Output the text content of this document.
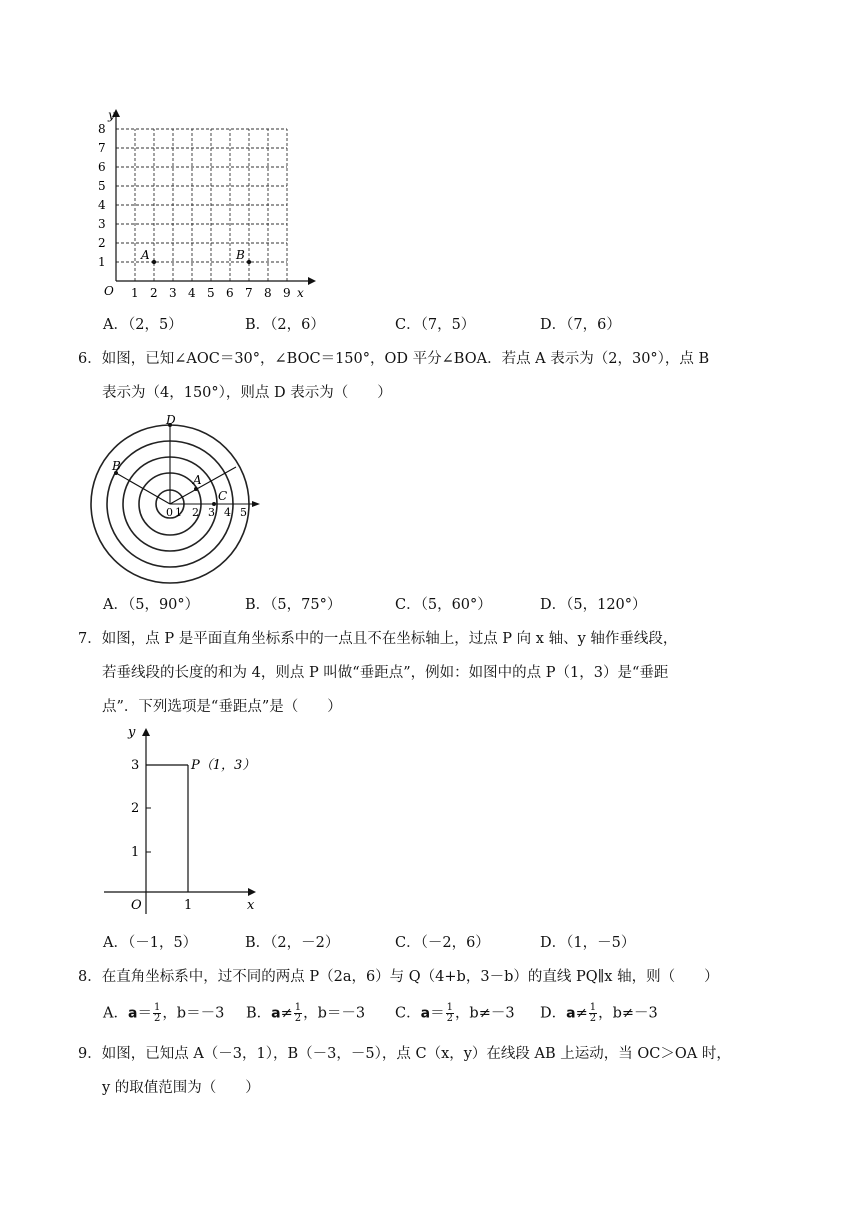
y
x
O 1 2 3 4 5 6 7 8 9
1
2
3
4
5
6
7
8
A	B
A．（2，5）	B．（2，6）	C．（7，5）	D．（7，6）
6．如图，已知∠AOC＝30°，∠BOC＝150°，OD 平分∠BOA．若点 A 表示为（2，30°），点 B
表示为（4，150°），则点 D 表示为（　　）
D
B
A
C
0 1 2 3 4 5
A．（5，90°）	B．（5，75°）	C．（5，60°）	D．（5，120°）
7．如图，点 P 是平面直角坐标系中的一点且不在坐标轴上，过点 P 向 x 轴、y 轴作垂线段，
若垂线段的长度的和为 4，则点 P 叫做“垂距点”，例如：如图中的点 P（1，3）是“垂距
点”．下列选项是“垂距点”是（　　）
y
x
O
1
2
3
1
P（1，3）
A．（－1，5）	B．（2，－2）	C．（－2，6）	D．（1，－5）
8．在直角坐标系中，过不同的两点 P（2a，6）与 Q（4+b，3－b）的直线 PQ∥x 轴，则（　　）
A．$a= \frac{1}{2}$ ，b＝－3 B．$a\ne \frac{1}{2}$ ，b＝－3 C．$a= \frac{1}{2}$ ，b≠－3 D．$a\ne \frac{1}{2}$ ，b≠－3
9．如图，已知点 A（－3，1），B（－3，－5），点 C（x，y）在线段 AB 上运动，当 OC＞OA 时，
y 的取值范围为（　　）
